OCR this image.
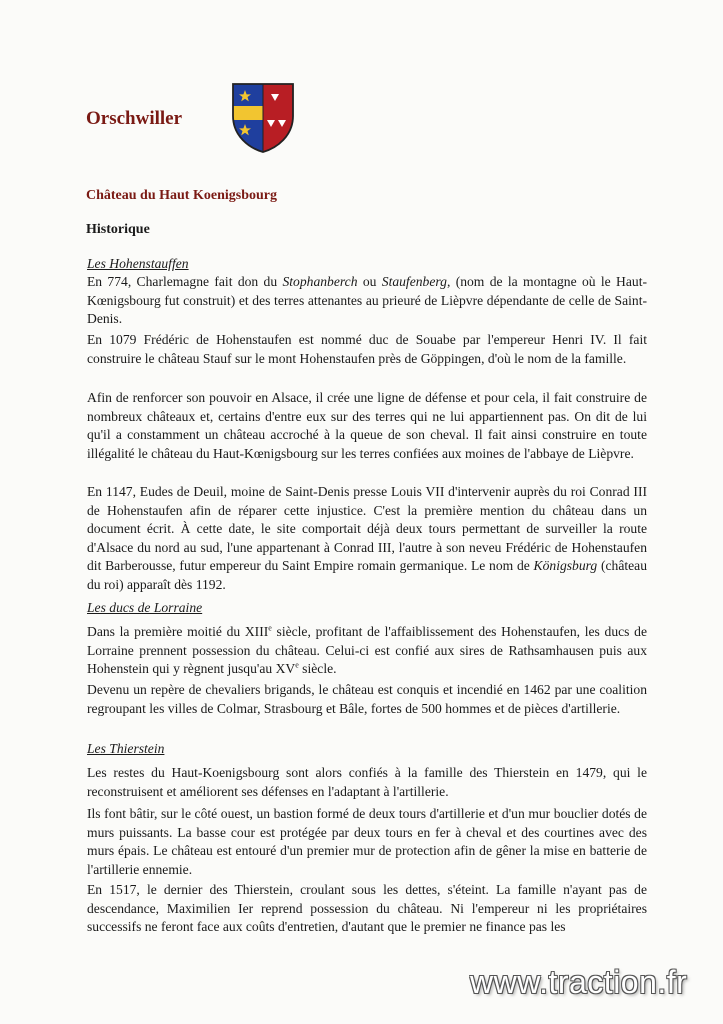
Orschwiller
Château du Haut Koenigsbourg
Historique

Les Hohenstauffen

En 774, Charlemagne fait don du Stophanberch ou Staufenberg, (nom de la montagne où le Haut-Kœnigsbourg fut construit) et des terres attenantes au prieuré de Lièpvre dépendante de celle de Saint-Denis.

En 1079 Frédéric de Hohenstaufen est nommé duc de Souabe par l'empereur Henri IV. Il fait construire le château Stauf sur le mont Hohenstaufen près de Göppingen, d'où le nom de la famille.

Afin de renforcer son pouvoir en Alsace, il crée une ligne de défense et pour cela, il fait construire de nombreux châteaux et, certains d'entre eux sur des terres qui ne lui appartiennent pas. On dit de lui qu'il a constamment un château accroché à la queue de son cheval. Il fait ainsi construire en toute illégalité le château du Haut-Kœnigsbourg sur les terres confiées aux moines de l'abbaye de Lièpvre.

En 1147, Eudes de Deuil, moine de Saint-Denis presse Louis VII d'intervenir auprès du roi Conrad III de Hohenstaufen afin de réparer cette injustice. C'est la première mention du château dans un document écrit. À cette date, le site comportait déjà deux tours permettant de surveiller la route d'Alsace du nord au sud, l'une appartenant à Conrad III, l'autre à son neveu Frédéric de Hohenstaufen dit Barberousse, futur empereur du Saint Empire romain germanique. Le nom de Königsburg (château du roi) apparaît dès 1192.

Les ducs de Lorraine

Dans la première moitié du XIIIe siècle, profitant de l'affaiblissement des Hohenstaufen, les ducs de Lorraine prennent possession du château. Celui-ci est confié aux sires de Rathsamhausen puis aux Hohenstein qui y règnent jusqu'au XVe siècle.

Devenu un repère de chevaliers brigands, le château est conquis et incendié en 1462 par une coalition regroupant les villes de Colmar, Strasbourg et Bâle, fortes de 500 hommes et de pièces d'artillerie.

Les Thierstein

Les restes du Haut-Koenigsbourg sont alors confiés à la famille des Thierstein en 1479, qui le reconstruisent et améliorent ses défenses en l'adaptant à l'artillerie.

Ils font bâtir, sur le côté ouest, un bastion formé de deux tours d'artillerie et d'un mur bouclier dotés de murs puissants. La basse cour est protégée par deux tours en fer à cheval et des courtines avec des murs épais. Le château est entouré d'un premier mur de protection afin de gêner la mise en batterie de l'artillerie ennemie.

En 1517, le dernier des Thierstein, croulant sous les dettes, s'éteint. La famille n'ayant pas de descendance, Maximilien Ier reprend possession du château. Ni l'empereur ni les propriétaires successifs ne feront face aux coûts d'entretien, d'autant que le premier ne finance pas les

www.traction.fr
